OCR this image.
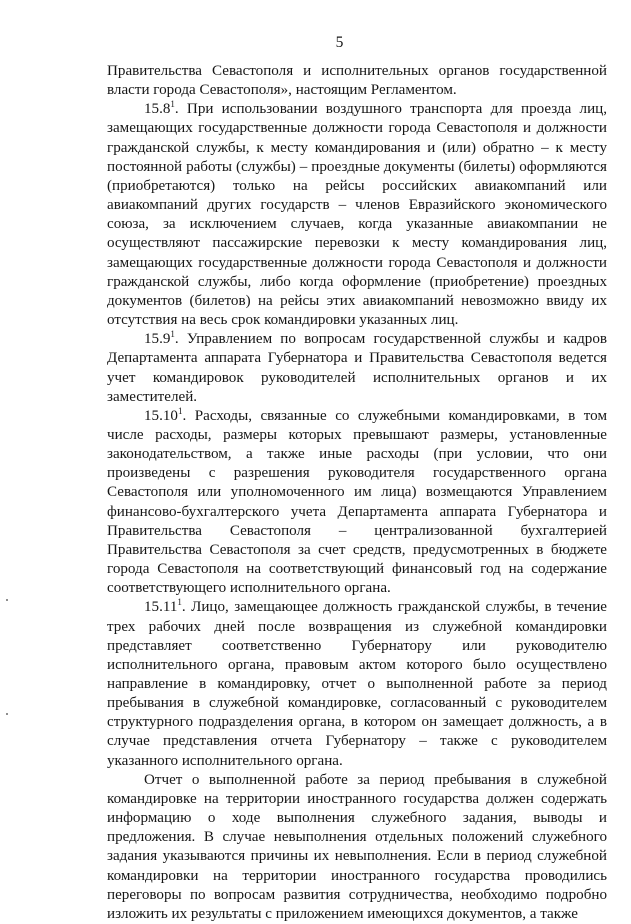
5

Правительства Севастополя и исполнительных органов государственной власти города Севастополя», настоящим Регламентом.

15.8$^1$. При использовании воздушного транспорта для проезда лиц, замещающих государственные должности города Севастополя и должности гражданской службы, к месту командирования и (или) обратно – к месту постоянной работы (службы) – проездные документы (билеты) оформляются (приобретаются) только на рейсы российских авиакомпаний или авиакомпаний других государств – членов Евразийского экономического союза, за исключением случаев, когда указанные авиакомпании не осуществляют пассажирские перевозки к месту командирования лиц, замещающих государственные должности города Севастополя и должности гражданской службы, либо когда оформление (приобретение) проездных документов (билетов) на рейсы этих авиакомпаний невозможно ввиду их отсутствия на весь срок командировки указанных лиц.

15.9$^1$. Управлением по вопросам государственной службы и кадров Департамента аппарата Губернатора и Правительства Севастополя ведется учет командировок руководителей исполнительных органов и их заместителей.

15.10$^1$. Расходы, связанные со служебными командировками, в том числе расходы, размеры которых превышают размеры, установленные законодательством, а также иные расходы (при условии, что они произведены с разрешения руководителя государственного органа Севастополя или уполномоченного им лица) возмещаются Управлением финансово-бухгалтерского учета Департамента аппарата Губернатора и Правительства Севастополя – централизованной бухгалтерией Правительства Севастополя за счет средств, предусмотренных в бюджете города Севастополя на соответствующий финансовый год на содержание соответствующего исполнительного органа.

15.11$^1$. Лицо, замещающее должность гражданской службы, в течение трех рабочих дней после возвращения из служебной командировки представляет соответственно Губернатору или руководителю исполнительного органа, правовым актом которого было осуществлено направление в командировку, отчет о выполненной работе за период пребывания в служебной командировке, согласованный с руководителем структурного подразделения органа, в котором он замещает должность, а в случае представления отчета Губернатору – также с руководителем указанного исполнительного органа.

Отчет о выполненной работе за период пребывания в служебной командировке на территории иностранного государства должен содержать информацию о ходе выполнения служебного задания, выводы и предложения. В случае невыполнения отдельных положений служебного задания указываются причины их невыполнения. Если в период служебной командировки на территории иностранного государства проводились переговоры по вопросам развития сотрудничества, необходимо подробно изложить их результаты с приложением имеющихся документов, а также
